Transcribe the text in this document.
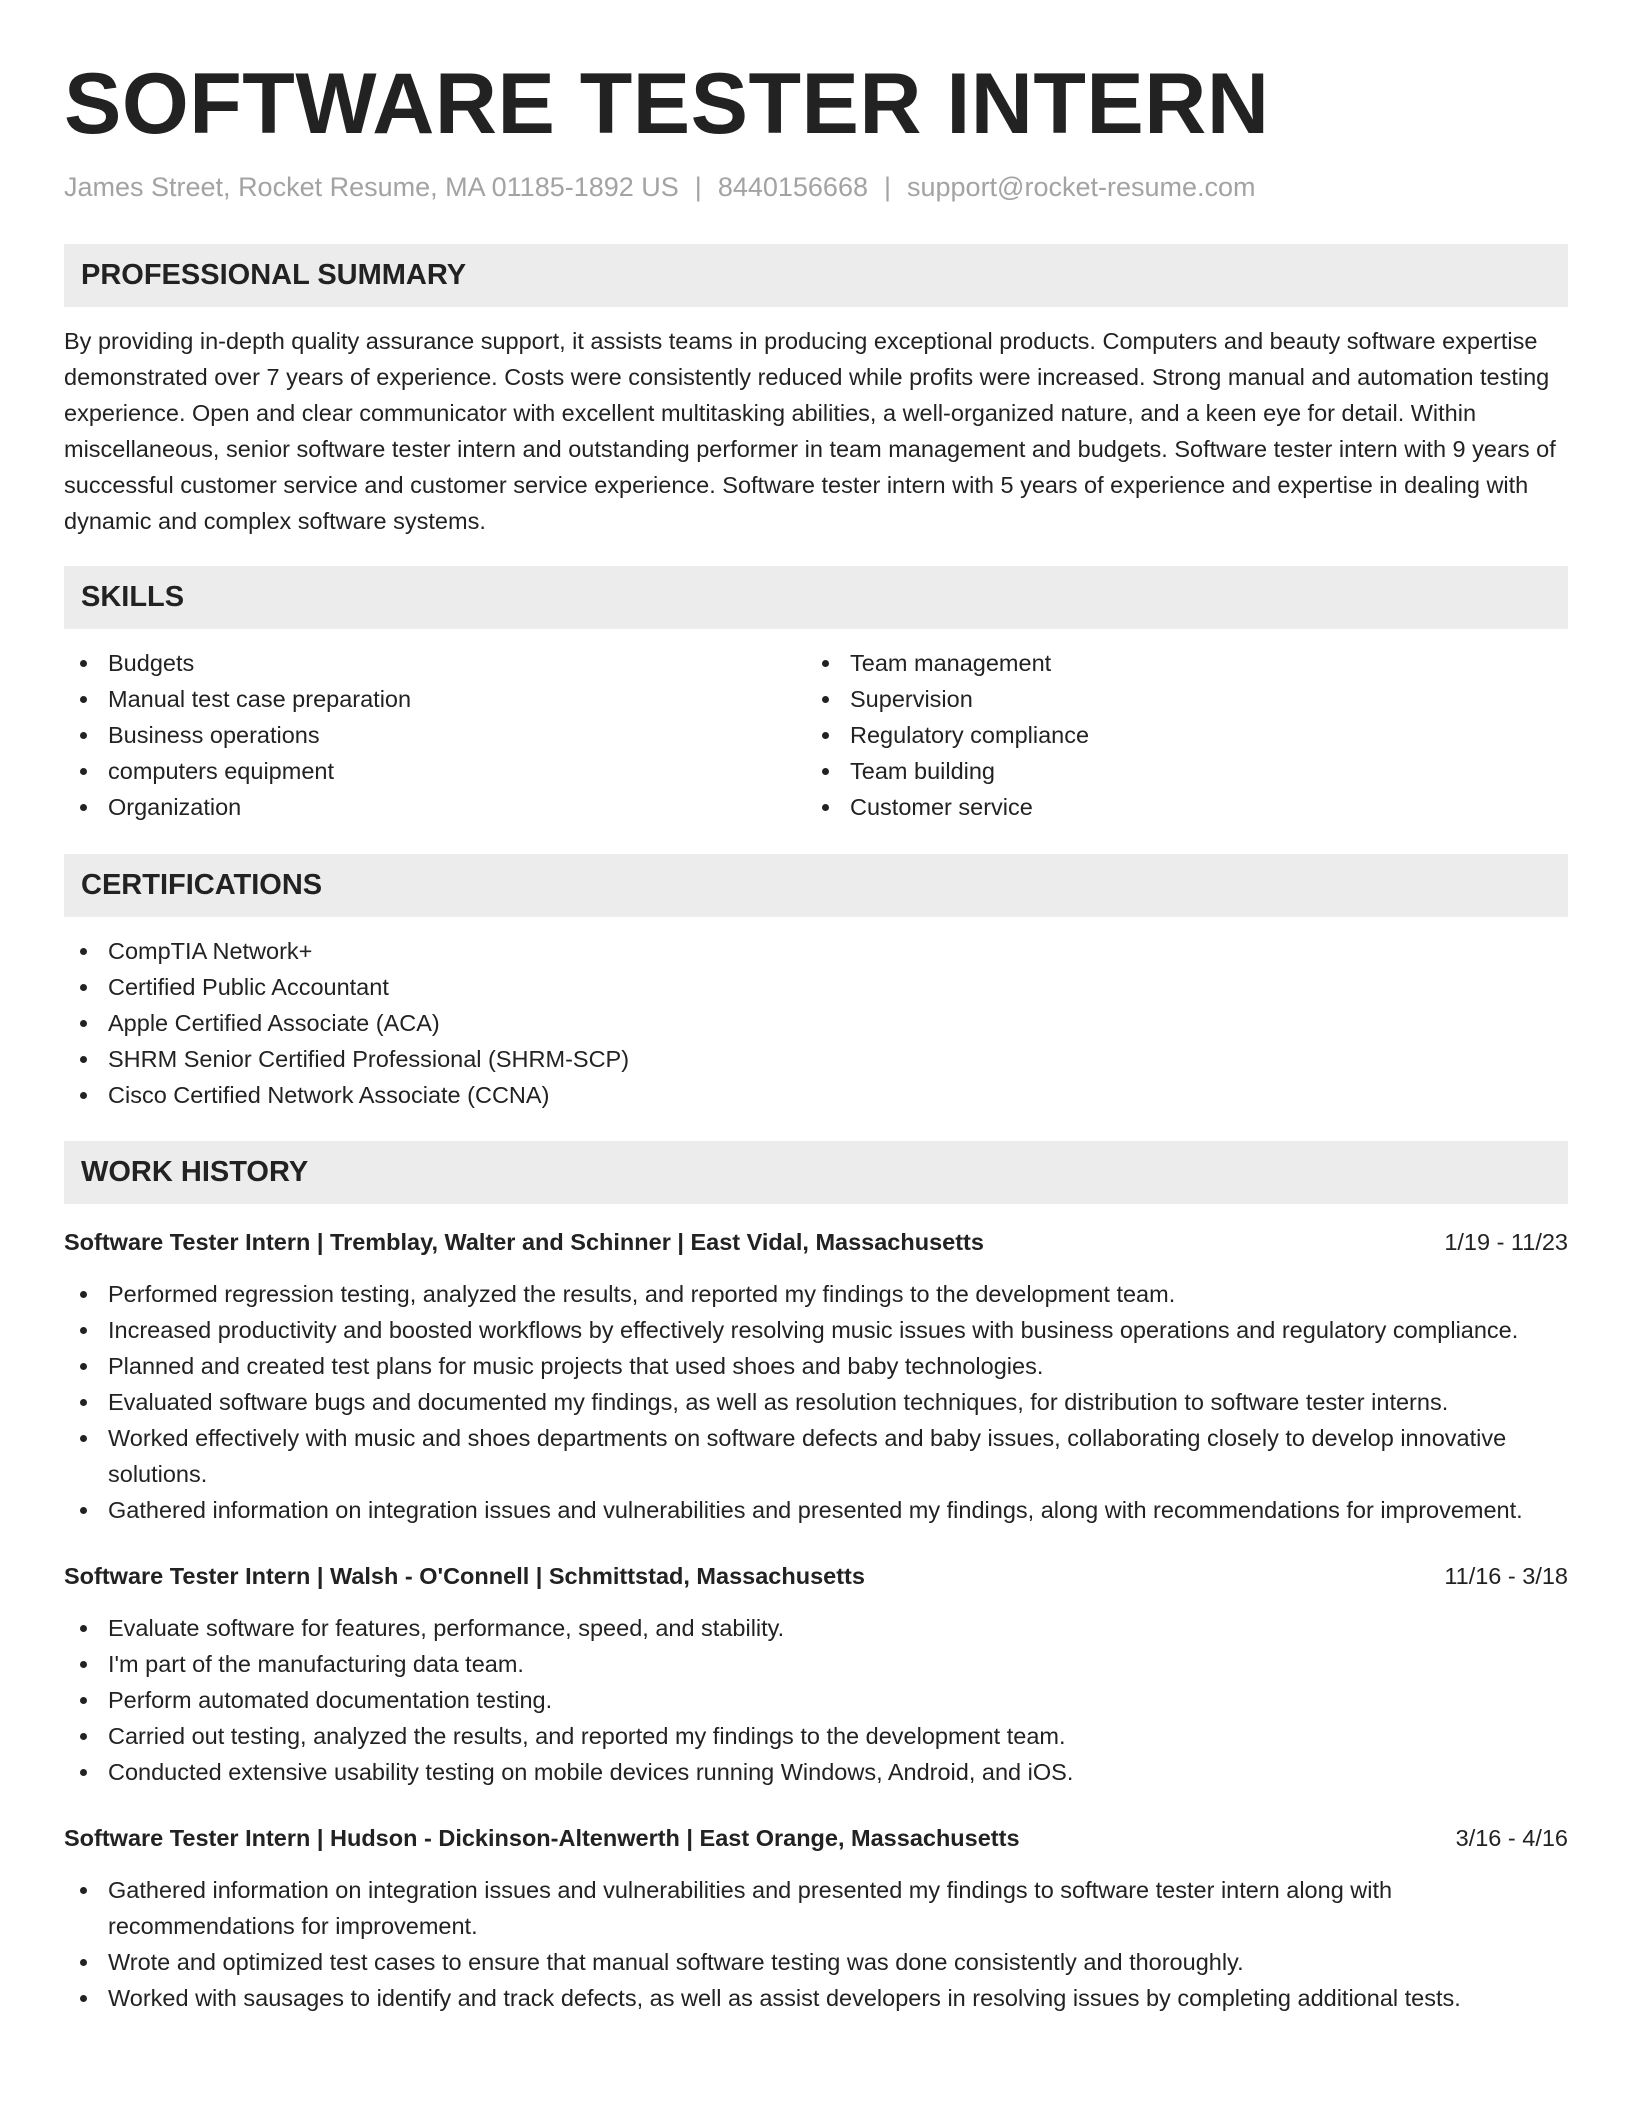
SOFTWARE TESTER INTERN
James Street, Rocket Resume, MA 01185-1892 US | 8440156668 | support@rocket-resume.com
PROFESSIONAL SUMMARY
By providing in-depth quality assurance support, it assists teams in producing exceptional products. Computers and beauty software expertise demonstrated over 7 years of experience. Costs were consistently reduced while profits were increased. Strong manual and automation testing experience. Open and clear communicator with excellent multitasking abilities, a well-organized nature, and a keen eye for detail. Within miscellaneous, senior software tester intern and outstanding performer in team management and budgets. Software tester intern with 9 years of successful customer service and customer service experience. Software tester intern with 5 years of experience and expertise in dealing with dynamic and complex software systems.
SKILLS
Budgets
Manual test case preparation
Business operations
computers equipment
Organization
Team management
Supervision
Regulatory compliance
Team building
Customer service
CERTIFICATIONS
CompTIA Network+
Certified Public Accountant
Apple Certified Associate (ACA)
SHRM Senior Certified Professional (SHRM-SCP)
Cisco Certified Network Associate (CCNA)
WORK HISTORY
Software Tester Intern | Tremblay, Walter and Schinner | East Vidal, Massachusetts	1/19 - 11/23
Performed regression testing, analyzed the results, and reported my findings to the development team.
Increased productivity and boosted workflows by effectively resolving music issues with business operations and regulatory compliance.
Planned and created test plans for music projects that used shoes and baby technologies.
Evaluated software bugs and documented my findings, as well as resolution techniques, for distribution to software tester interns.
Worked effectively with music and shoes departments on software defects and baby issues, collaborating closely to develop innovative solutions.
Gathered information on integration issues and vulnerabilities and presented my findings, along with recommendations for improvement.
Software Tester Intern | Walsh - O'Connell | Schmittstad, Massachusetts	11/16 - 3/18
Evaluate software for features, performance, speed, and stability.
I'm part of the manufacturing data team.
Perform automated documentation testing.
Carried out testing, analyzed the results, and reported my findings to the development team.
Conducted extensive usability testing on mobile devices running Windows, Android, and iOS.
Software Tester Intern | Hudson - Dickinson-Altenwerth | East Orange, Massachusetts	3/16 - 4/16
Gathered information on integration issues and vulnerabilities and presented my findings to software tester intern along with recommendations for improvement.
Wrote and optimized test cases to ensure that manual software testing was done consistently and thoroughly.
Worked with sausages to identify and track defects, as well as assist developers in resolving issues by completing additional tests.
